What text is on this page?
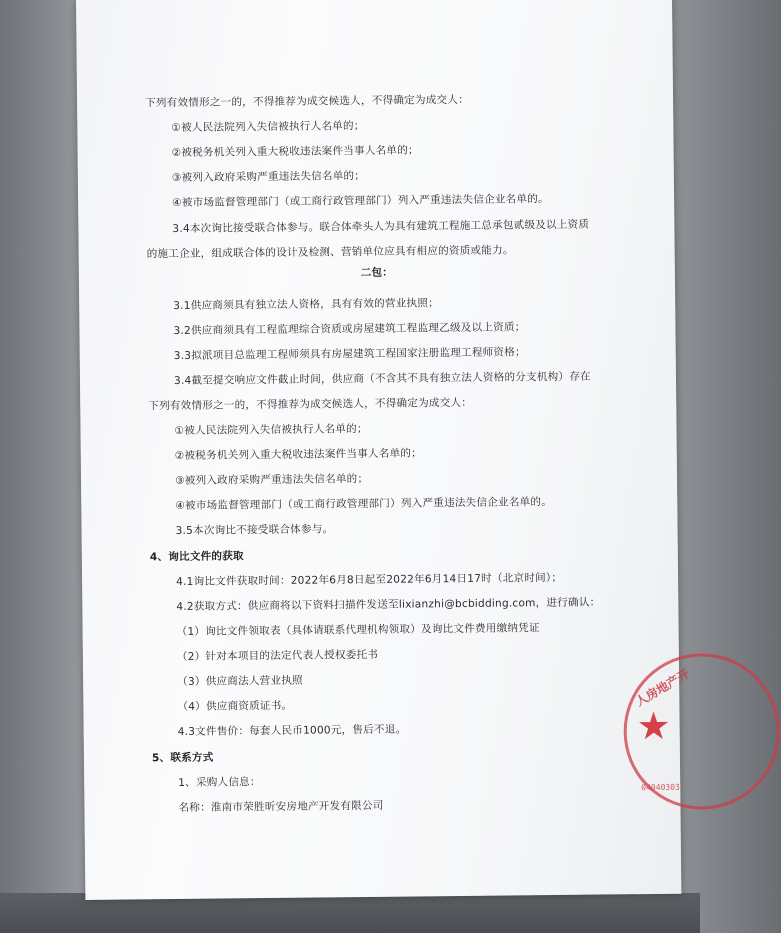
下列有效情形之一的，不得推荐为成交候选人，不得确定为成交人：
①被人民法院列入失信被执行人名单的；
②被税务机关列入重大税收违法案件当事人名单的；
③被列入政府采购严重违法失信名单的；
④被市场监督管理部门（或工商行政管理部门）列入严重违法失信企业名单的。
3.4本次询比接受联合体参与。联合体牵头人为具有建筑工程施工总承包贰级及以上资质
的施工企业，组成联合体的设计及检测、营销单位应具有相应的资质或能力。
3.1供应商须具有独立法人资格，具有有效的营业执照；
3.2供应商须具有工程监理综合资质或房屋建筑工程监理乙级及以上资质；
3.3拟派项目总监理工程师须具有房屋建筑工程国家注册监理工程师资格；
3.4截至提交响应文件截止时间，供应商（不含其不具有独立法人资格的分支机构）存在
下列有效情形之一的，不得推荐为成交候选人，不得确定为成交人：
①被人民法院列入失信被执行人名单的；
②被税务机关列入重大税收违法案件当事人名单的；
③被列入政府采购严重违法失信名单的；
④被市场监督管理部门（或工商行政管理部门）列入严重违法失信企业名单的。
3.5本次询比不接受联合体参与。
4.1询比文件获取时间：2022年6月8日起至2022年6月14日17时（北京时间）；
4.2获取方式：供应商将以下资料扫描件发送至lixianzhi@bcbidding.com，进行确认：
（1）询比文件领取表（具体请联系代理机构领取）及询比文件费用缴纳凭证
（2）针对本项目的法定代表人授权委托书
（3）供应商法人营业执照
（4）供应商资质证书。
4.3文件售价：每套人民币1000元，售后不退。
1、采购人信息：
名称：淮南市荣胜昕安房地产开发有限公司
4、询比文件的获取
5、联系方式
二包：
人房地产开
★
04040303
